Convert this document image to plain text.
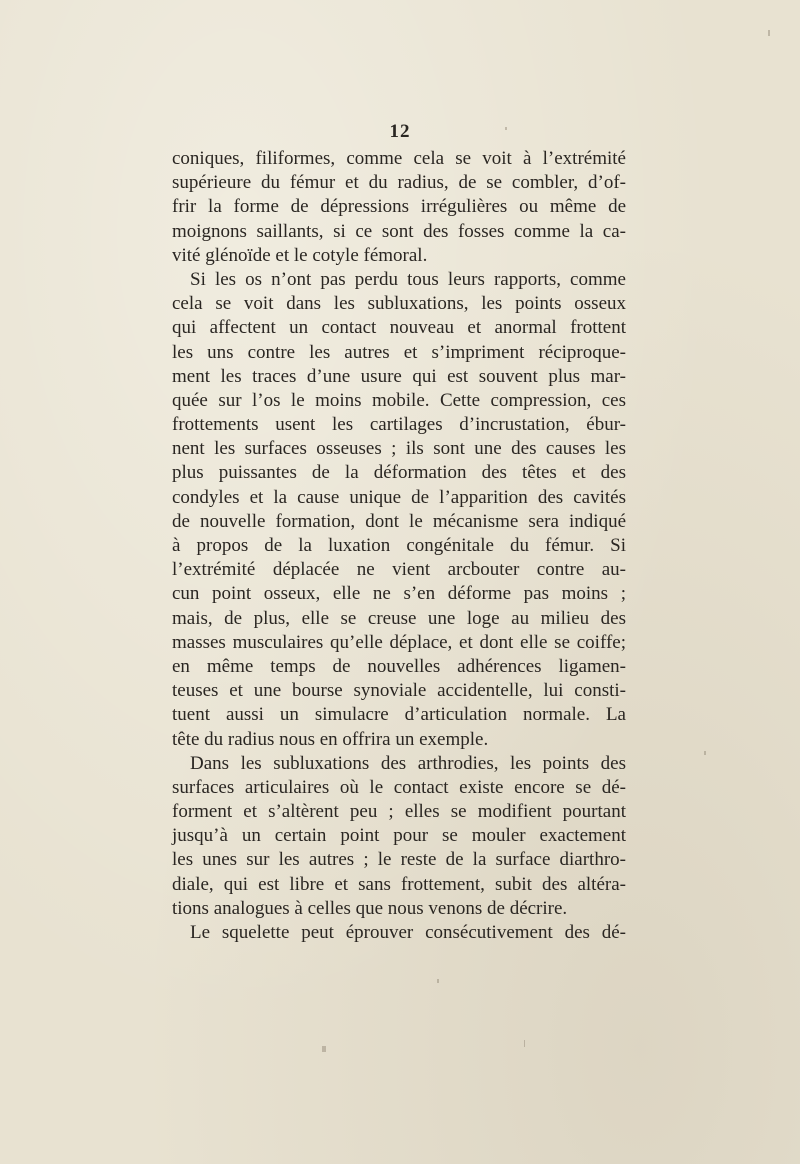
12
coniques, filiformes, comme cela se voit à l’extrémité
supérieure du fémur et du radius, de se combler, d’of-
frir la forme de dépressions irrégulières ou même de
moignons saillants, si ce sont des fosses comme la ca-
vité glénoïde et le cotyle fémoral.
Si les os n’ont pas perdu tous leurs rapports, comme
cela se voit dans les subluxations, les points osseux
qui affectent un contact nouveau et anormal frottent
les uns contre les autres et s’impriment réciproque-
ment les traces d’une usure qui est souvent plus mar-
quée sur l’os le moins mobile. Cette compression, ces
frottements usent les cartilages d’incrustation, ébur-
nent les surfaces osseuses ; ils sont une des causes les
plus puissantes de la déformation des têtes et des
condyles et la cause unique de l’apparition des cavités
de nouvelle formation, dont le mécanisme sera indiqué
à propos de la luxation congénitale du fémur. Si
l’extrémité déplacée ne vient arcbouter contre au-
cun point osseux, elle ne s’en déforme pas moins ;
mais, de plus, elle se creuse une loge au milieu des
masses musculaires qu’elle déplace, et dont elle se coiffe;
en même temps de nouvelles adhérences ligamen-
teuses et une bourse synoviale accidentelle, lui consti-
tuent aussi un simulacre d’articulation normale. La
tête du radius nous en offrira un exemple.
Dans les subluxations des arthrodies, les points des
surfaces articulaires où le contact existe encore se dé-
forment et s’altèrent peu ; elles se modifient pourtant
jusqu’à un certain point pour se mouler exactement
les unes sur les autres ; le reste de la surface diarthro-
diale, qui est libre et sans frottement, subit des altéra-
tions analogues à celles que nous venons de décrire.
Le squelette peut éprouver consécutivement des dé-
